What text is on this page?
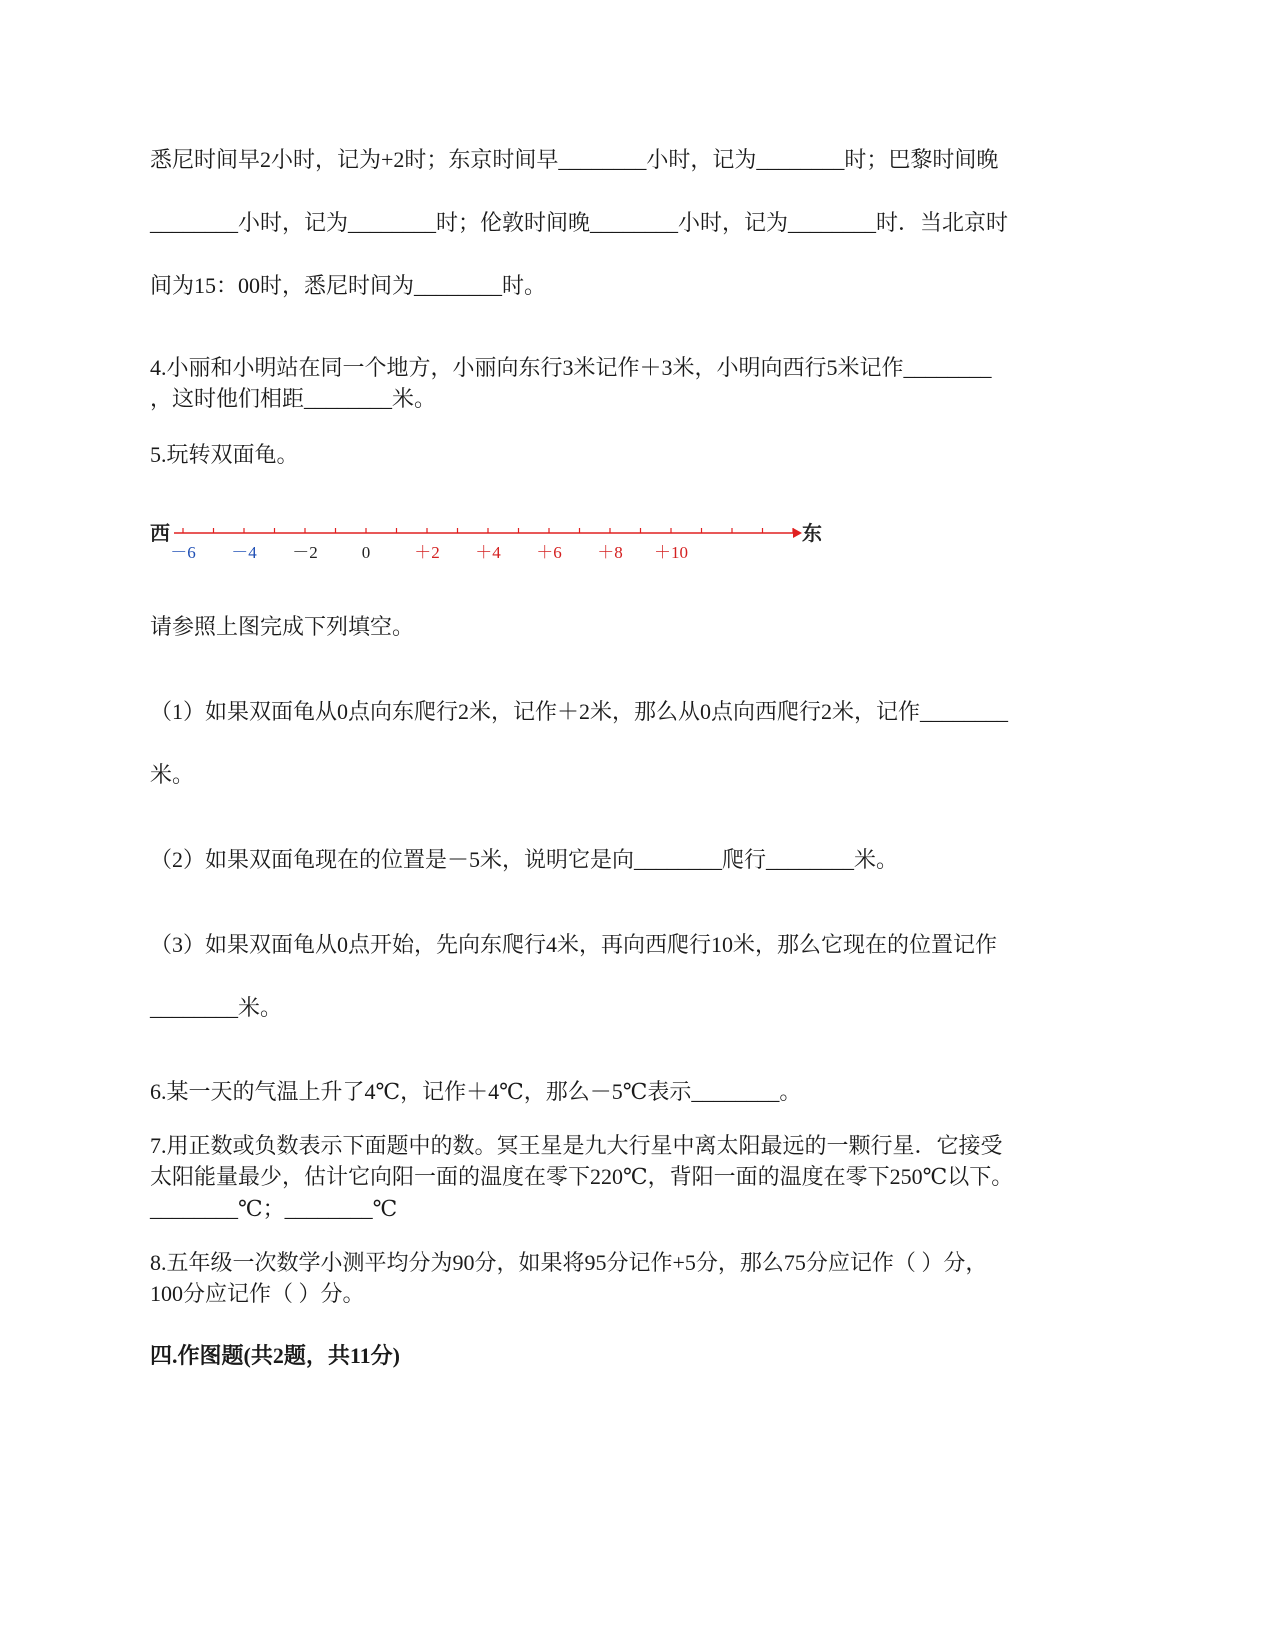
悉尼时间早2小时，记为+2时；东京时间早________小时，记为________时；巴黎时间晚
________小时，记为________时；伦敦时间晚________小时，记为________时．当北京时
间为15：00时，悉尼时间为________时。
4.小丽和小明站在同一个地方，小丽向东行3米记作＋3米，小明向西行5米记作________
，这时他们相距________米。
5.玩转双面龟。
西	东
－6 －4 －2	0	＋2 ＋4 ＋6 ＋8 ＋10
请参照上图完成下列填空。
（1）如果双面龟从0点向东爬行2米，记作＋2米，那么从0点向西爬行2米，记作________
米。
（2）如果双面龟现在的位置是－5米，说明它是向________爬行________米。
（3）如果双面龟从0点开始，先向东爬行4米，再向西爬行10米，那么它现在的位置记作
________米。
6.某一天的气温上升了4℃，记作＋4℃，那么－5℃表示________。
7.用正数或负数表示下面题中的数。冥王星是九大行星中离太阳最远的一颗行星．它接受
太阳能量最少，估计它向阳一面的温度在零下220℃，背阳一面的温度在零下250℃以下。
________℃；________℃
8.五年级一次数学小测平均分为90分，如果将95分记作+5分，那么75分应记作（ ）分，
100分应记作（ ）分。
四.作图题(共2题，共11分)
